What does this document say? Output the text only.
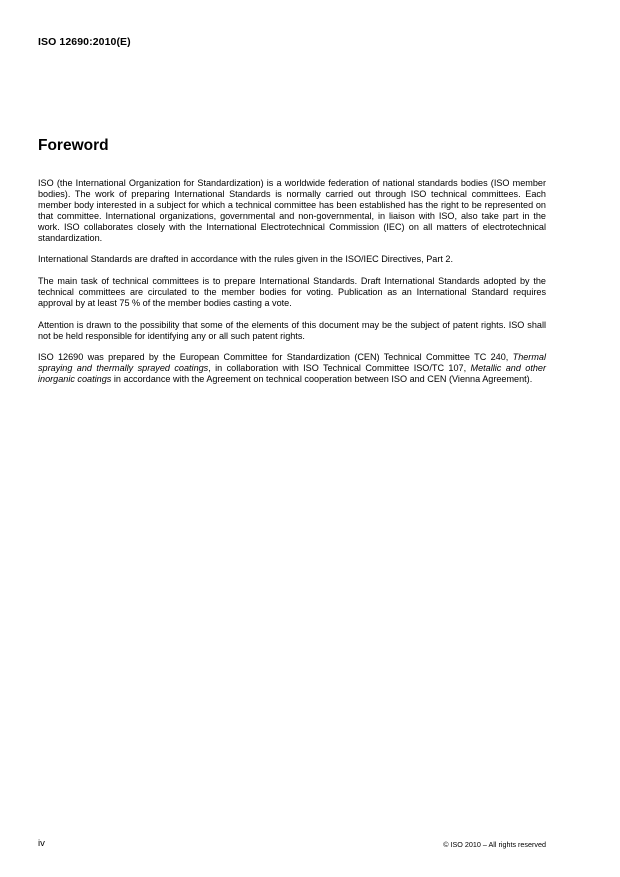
ISO 12690:2010(E)
Foreword

ISO (the International Organization for Standardization) is a worldwide federation of national standards bodies (ISO member bodies). The work of preparing International Standards is normally carried out through ISO technical committees. Each member body interested in a subject for which a technical committee has been established has the right to be represented on that committee. International organizations, governmental and non-governmental, in liaison with ISO, also take part in the work. ISO collaborates closely with the International Electrotechnical Commission (IEC) on all matters of electrotechnical standardization.

International Standards are drafted in accordance with the rules given in the ISO/IEC Directives, Part 2.

The main task of technical committees is to prepare International Standards. Draft International Standards adopted by the technical committees are circulated to the member bodies for voting. Publication as an International Standard requires approval by at least 75 % of the member bodies casting a vote.

Attention is drawn to the possibility that some of the elements of this document may be the subject of patent rights. ISO shall not be held responsible for identifying any or all such patent rights.

ISO 12690 was prepared by the European Committee for Standardization (CEN) Technical Committee TC 240, Thermal spraying and thermally sprayed coatings, in collaboration with ISO Technical Committee ISO/TC 107, Metallic and other inorganic coatings in accordance with the Agreement on technical cooperation between ISO and CEN (Vienna Agreement).

iv	© ISO 2010 – All rights reserved
